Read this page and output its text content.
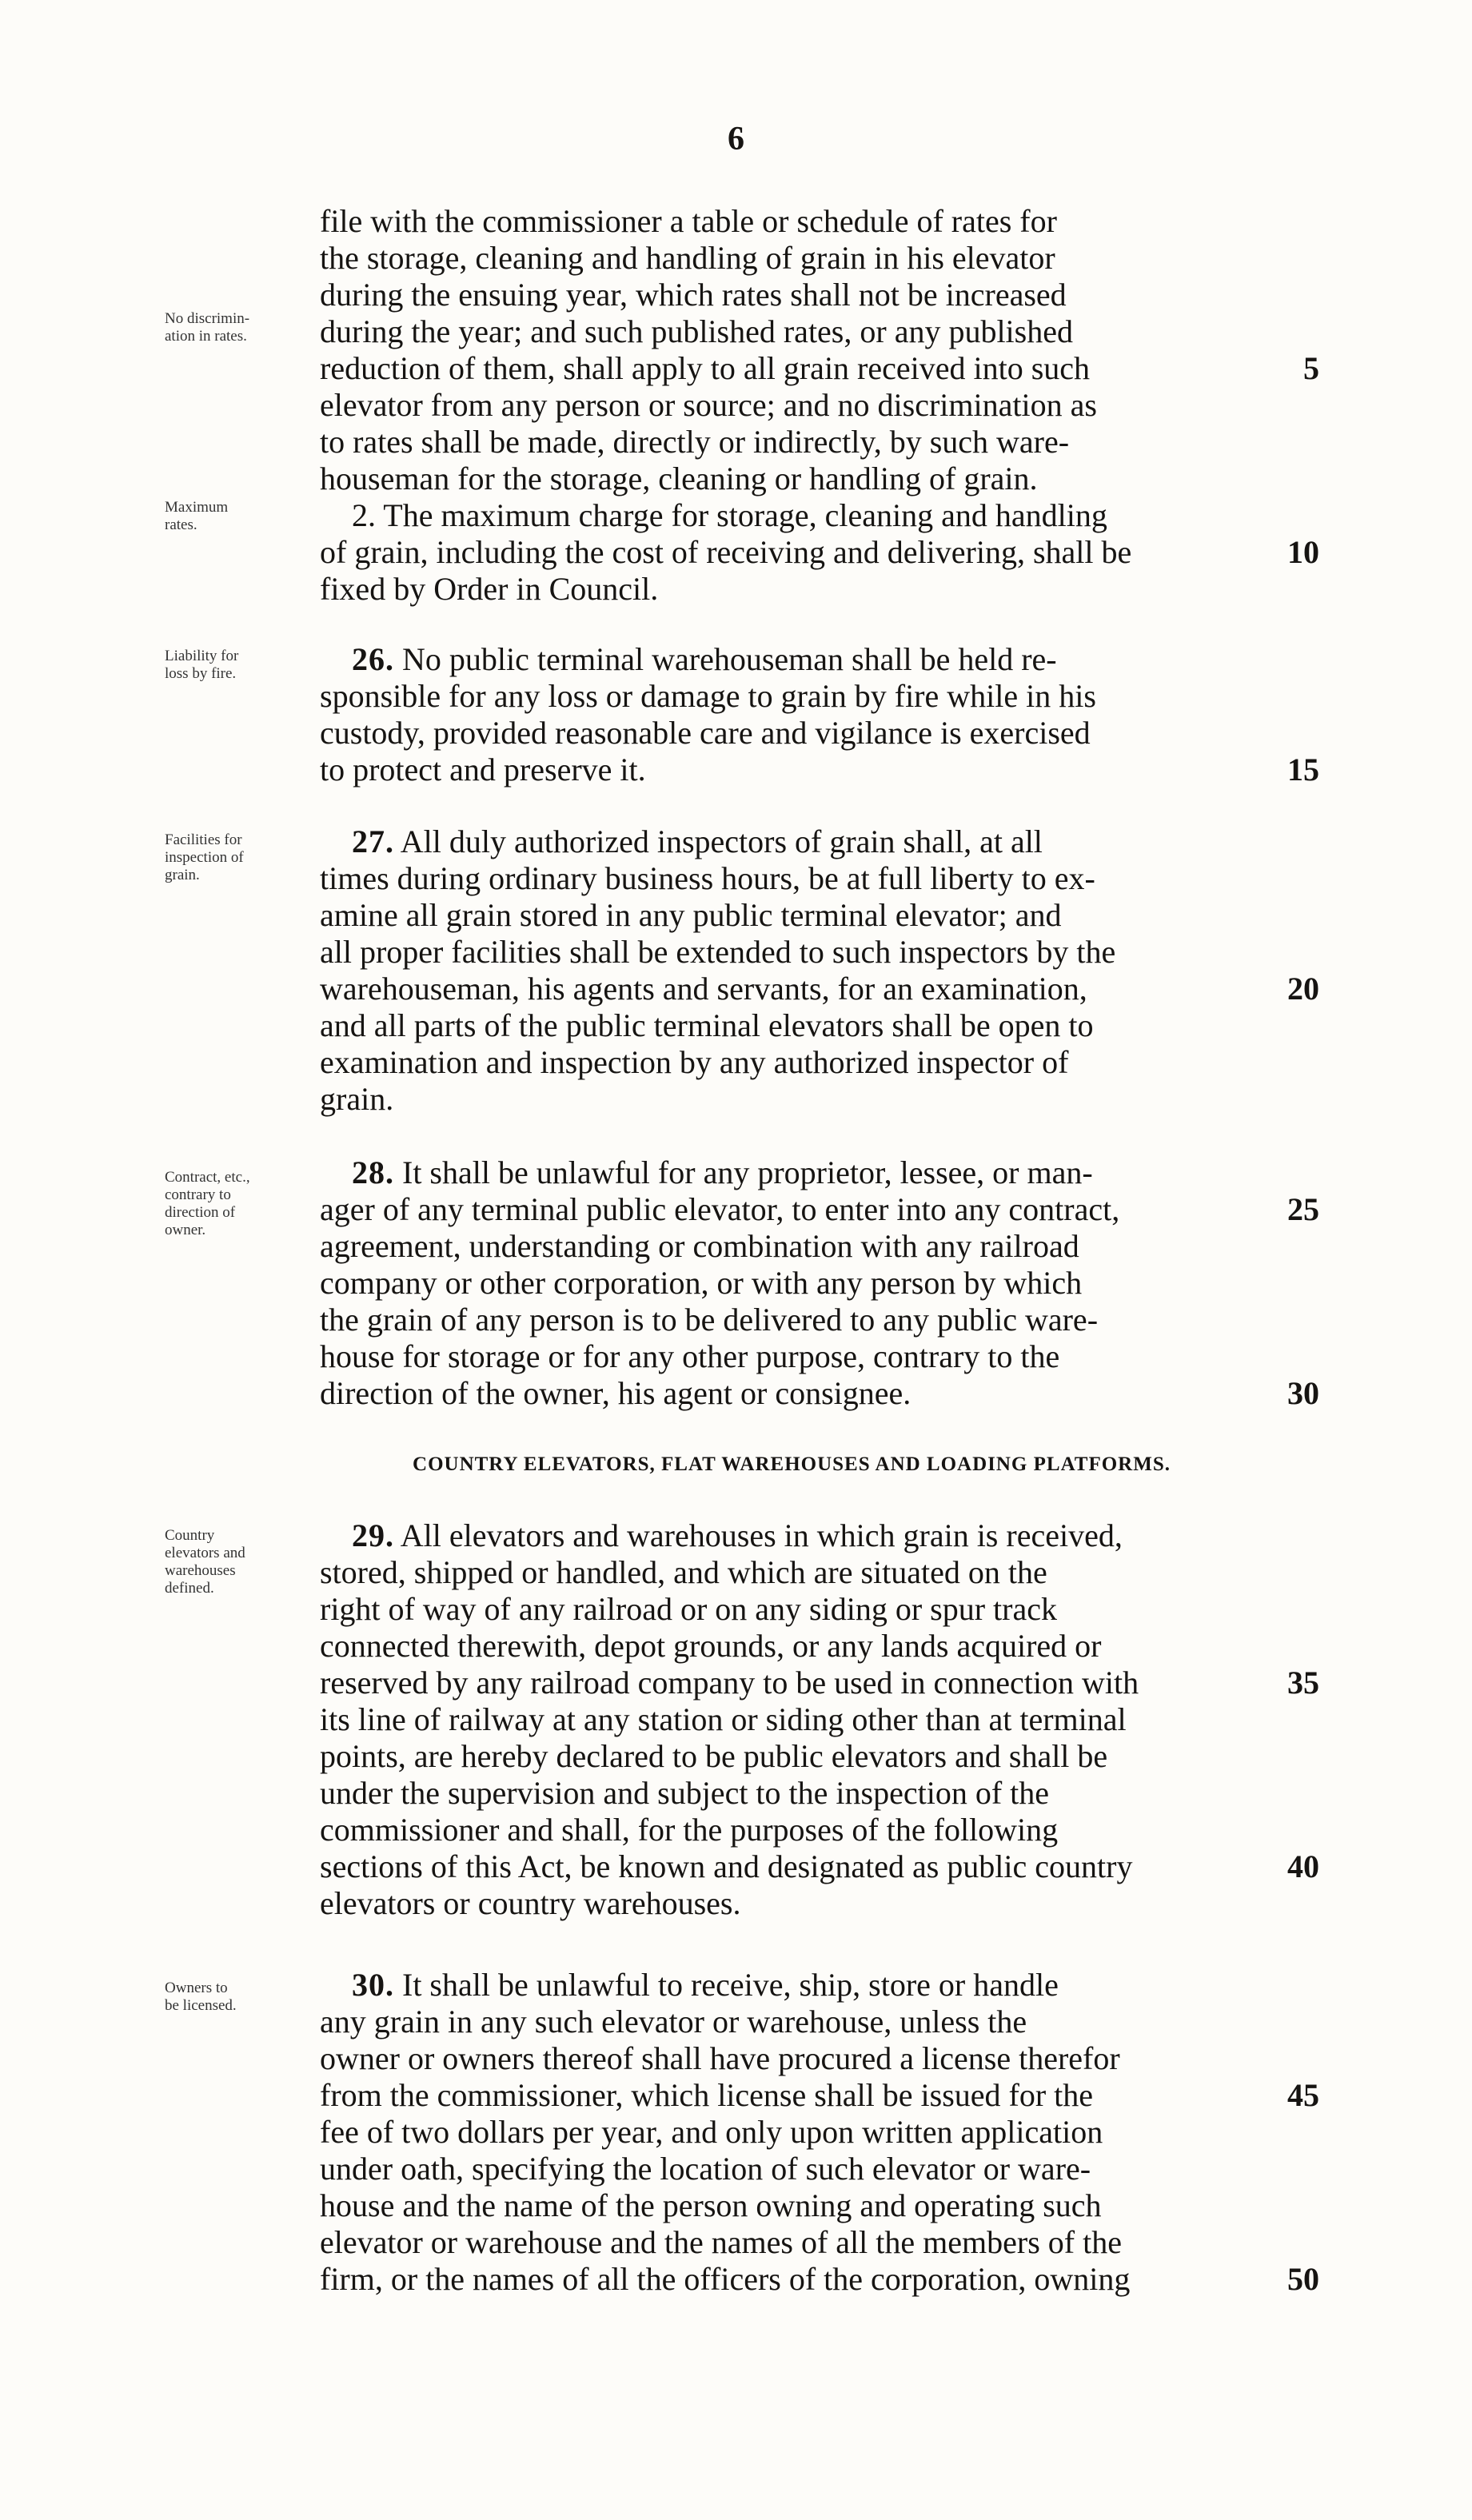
6
No discrimin-
ation in rates.
Maximum
rates.
Liability for
loss by fire.
Facilities for
inspection of
grain.
Contract, etc.,
contrary to
direction of
owner.
Country
elevators and
warehouses
defined.
Owners to
be licensed.
file with the commissioner a table or schedule of rates for
the storage, cleaning and handling of grain in his elevator
during the ensuing year, which rates shall not be increased
during the year; and such published rates, or any published
reduction of them, shall apply to all grain received into such
elevator from any person or source; and no discrimination as
to rates shall be made, directly or indirectly, by such ware-
houseman for the storage, cleaning or handling of grain.
2. The maximum charge for storage, cleaning and handling
of grain, including the cost of receiving and delivering, shall be
fixed by Order in Council.
26. No public terminal warehouseman shall be held re-
sponsible for any loss or damage to grain by fire while in his
custody, provided reasonable care and vigilance is exercised
to protect and preserve it.
27. All duly authorized inspectors of grain shall, at all
times during ordinary business hours, be at full liberty to ex-
amine all grain stored in any public terminal elevator; and
all proper facilities shall be extended to such inspectors by the
warehouseman, his agents and servants, for an examination,
and all parts of the public terminal elevators shall be open to
examination and inspection by any authorized inspector of
grain.
28. It shall be unlawful for any proprietor, lessee, or man-
ager of any terminal public elevator, to enter into any contract,
agreement, understanding or combination with any railroad
company or other corporation, or with any person by which
the grain of any person is to be delivered to any public ware-
house for storage or for any other purpose, contrary to the
direction of the owner, his agent or consignee.
COUNTRY ELEVATORS, FLAT WAREHOUSES AND LOADING PLATFORMS.
29. All elevators and warehouses in which grain is received,
stored, shipped or handled, and which are situated on the
right of way of any railroad or on any siding or spur track
connected therewith, depot grounds, or any lands acquired or
reserved by any railroad company to be used in connection with
its line of railway at any station or siding other than at terminal
points, are hereby declared to be public elevators and shall be
under the supervision and subject to the inspection of the
commissioner and shall, for the purposes of the following
sections of this Act, be known and designated as public country
elevators or country warehouses.
30. It shall be unlawful to receive, ship, store or handle
any grain in any such elevator or warehouse, unless the
owner or owners thereof shall have procured a license therefor
from the commissioner, which license shall be issued for the
fee of two dollars per year, and only upon written application
under oath, specifying the location of such elevator or ware-
house and the name of the person owning and operating such
elevator or warehouse and the names of all the members of the
firm, or the names of all the officers of the corporation, owning
5
10
15
20
25
30
35
40
45
50
